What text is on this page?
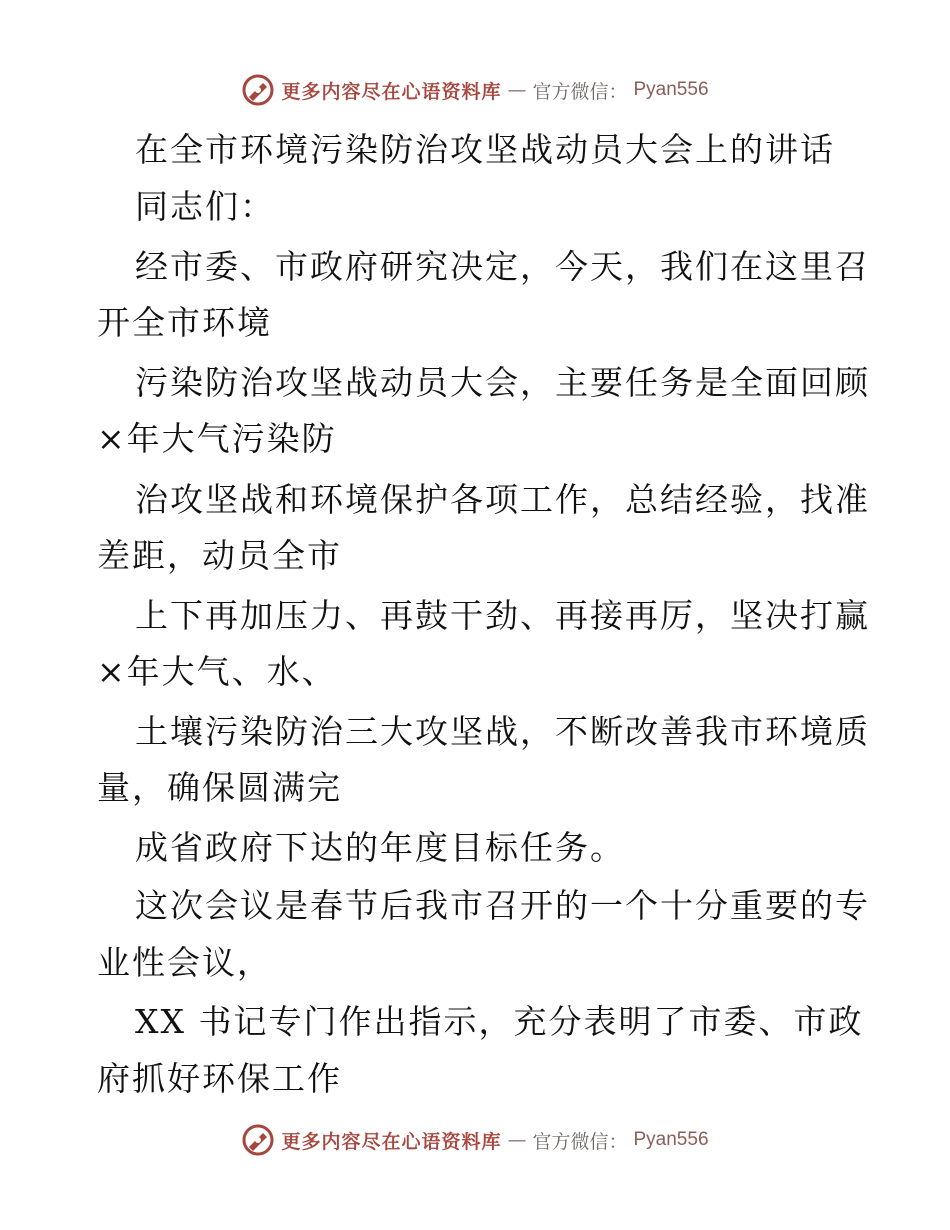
更多内容尽在心语资料库 — 官方微信： Pyan556
在全市环境污染防治攻坚战动员大会上的讲话
同志们：
经市委、市政府研究决定，今天，我们在这里召
开全市环境
污染防治攻坚战动员大会，主要任务是全面回顾
×年大气污染防
治攻坚战和环境保护各项工作，总结经验，找准
差距，动员全市
上下再加压力、再鼓干劲、再接再厉，坚决打赢
×年大气、水、
土壤污染防治三大攻坚战，不断改善我市环境质
量，确保圆满完
成省政府下达的年度目标任务。
这次会议是春节后我市召开的一个十分重要的专
业性会议，
XX 书记专门作出指示，充分表明了市委、市政
府抓好环保工作
更多内容尽在心语资料库 — 官方微信： Pyan556
